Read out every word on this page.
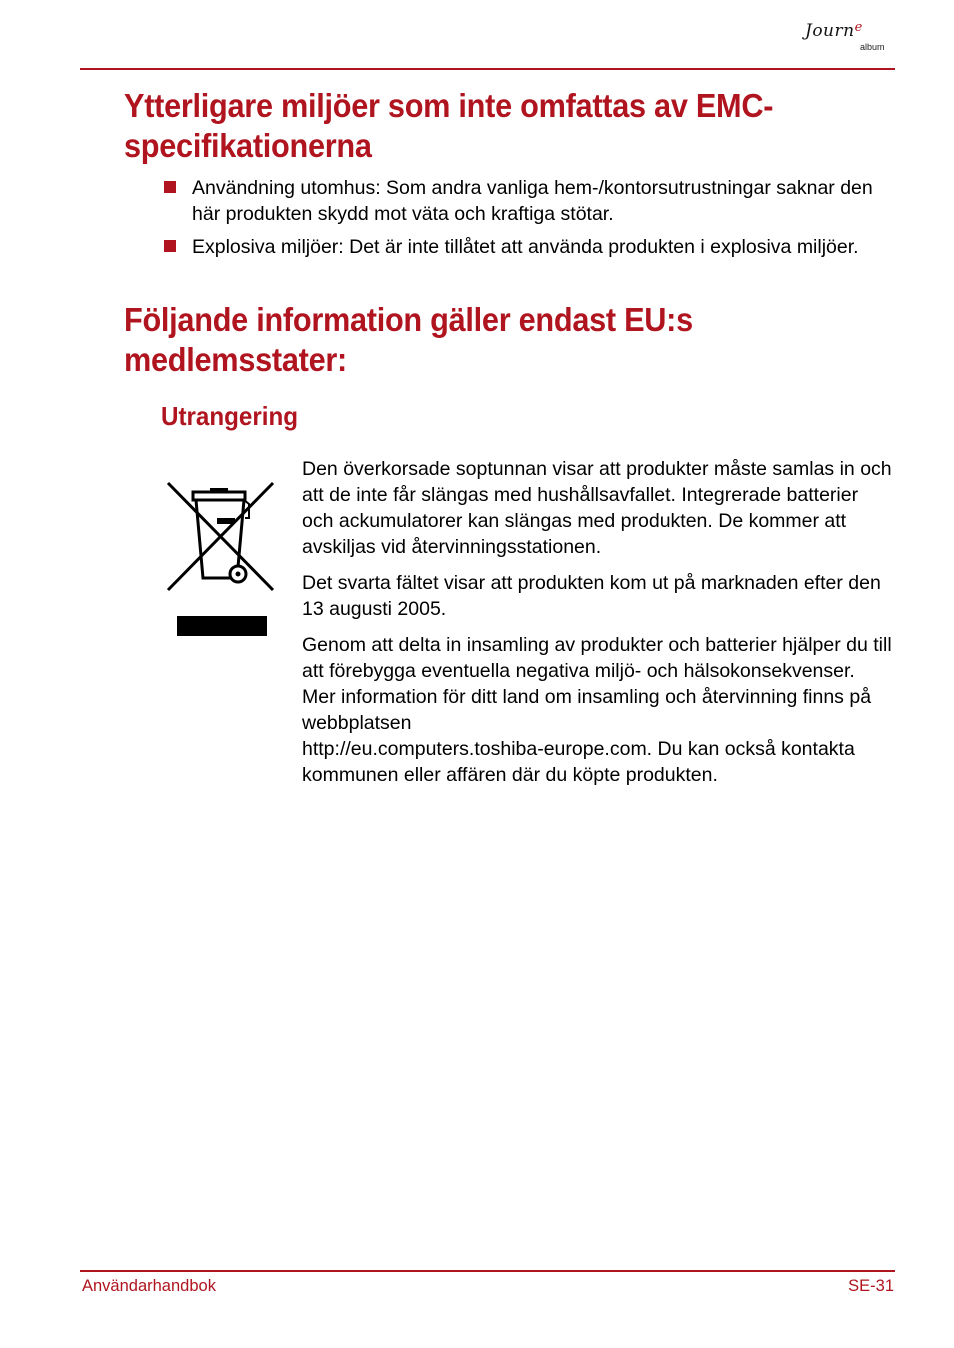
Journ$^e$
album
Ytterligare miljöer som inte omfattas av EMC-specifikationerna
Användning utomhus: Som andra vanliga hem-/kontorsutrustningar saknar den här produkten skydd mot väta och kraftiga stötar.
Explosiva miljöer: Det är inte tillåtet att använda produkten i explosiva miljöer.
Följande information gäller endast EU:s medlemsstater:
Utrangering

Den överkorsade soptunnan visar att produkter måste samlas in och att de inte får slängas med hushållsavfallet. Integrerade batterier och ackumulatorer kan slängas med produkten. De kommer att avskiljas vid återvinningsstationen.

Det svarta fältet visar att produkten kom ut på marknaden efter den 13 augusti 2005.

Genom att delta in insamling av produkter och batterier hjälper du till att förebygga eventuella negativa miljö- och hälsokonsekvenser.

Mer information för ditt land om insamling och återvinning finns på webbplatsen
http://eu.computers.toshiba-europe.com. Du kan också kontakta kommunen eller affären där du köpte produkten.

Användarhandbok	SE-31
